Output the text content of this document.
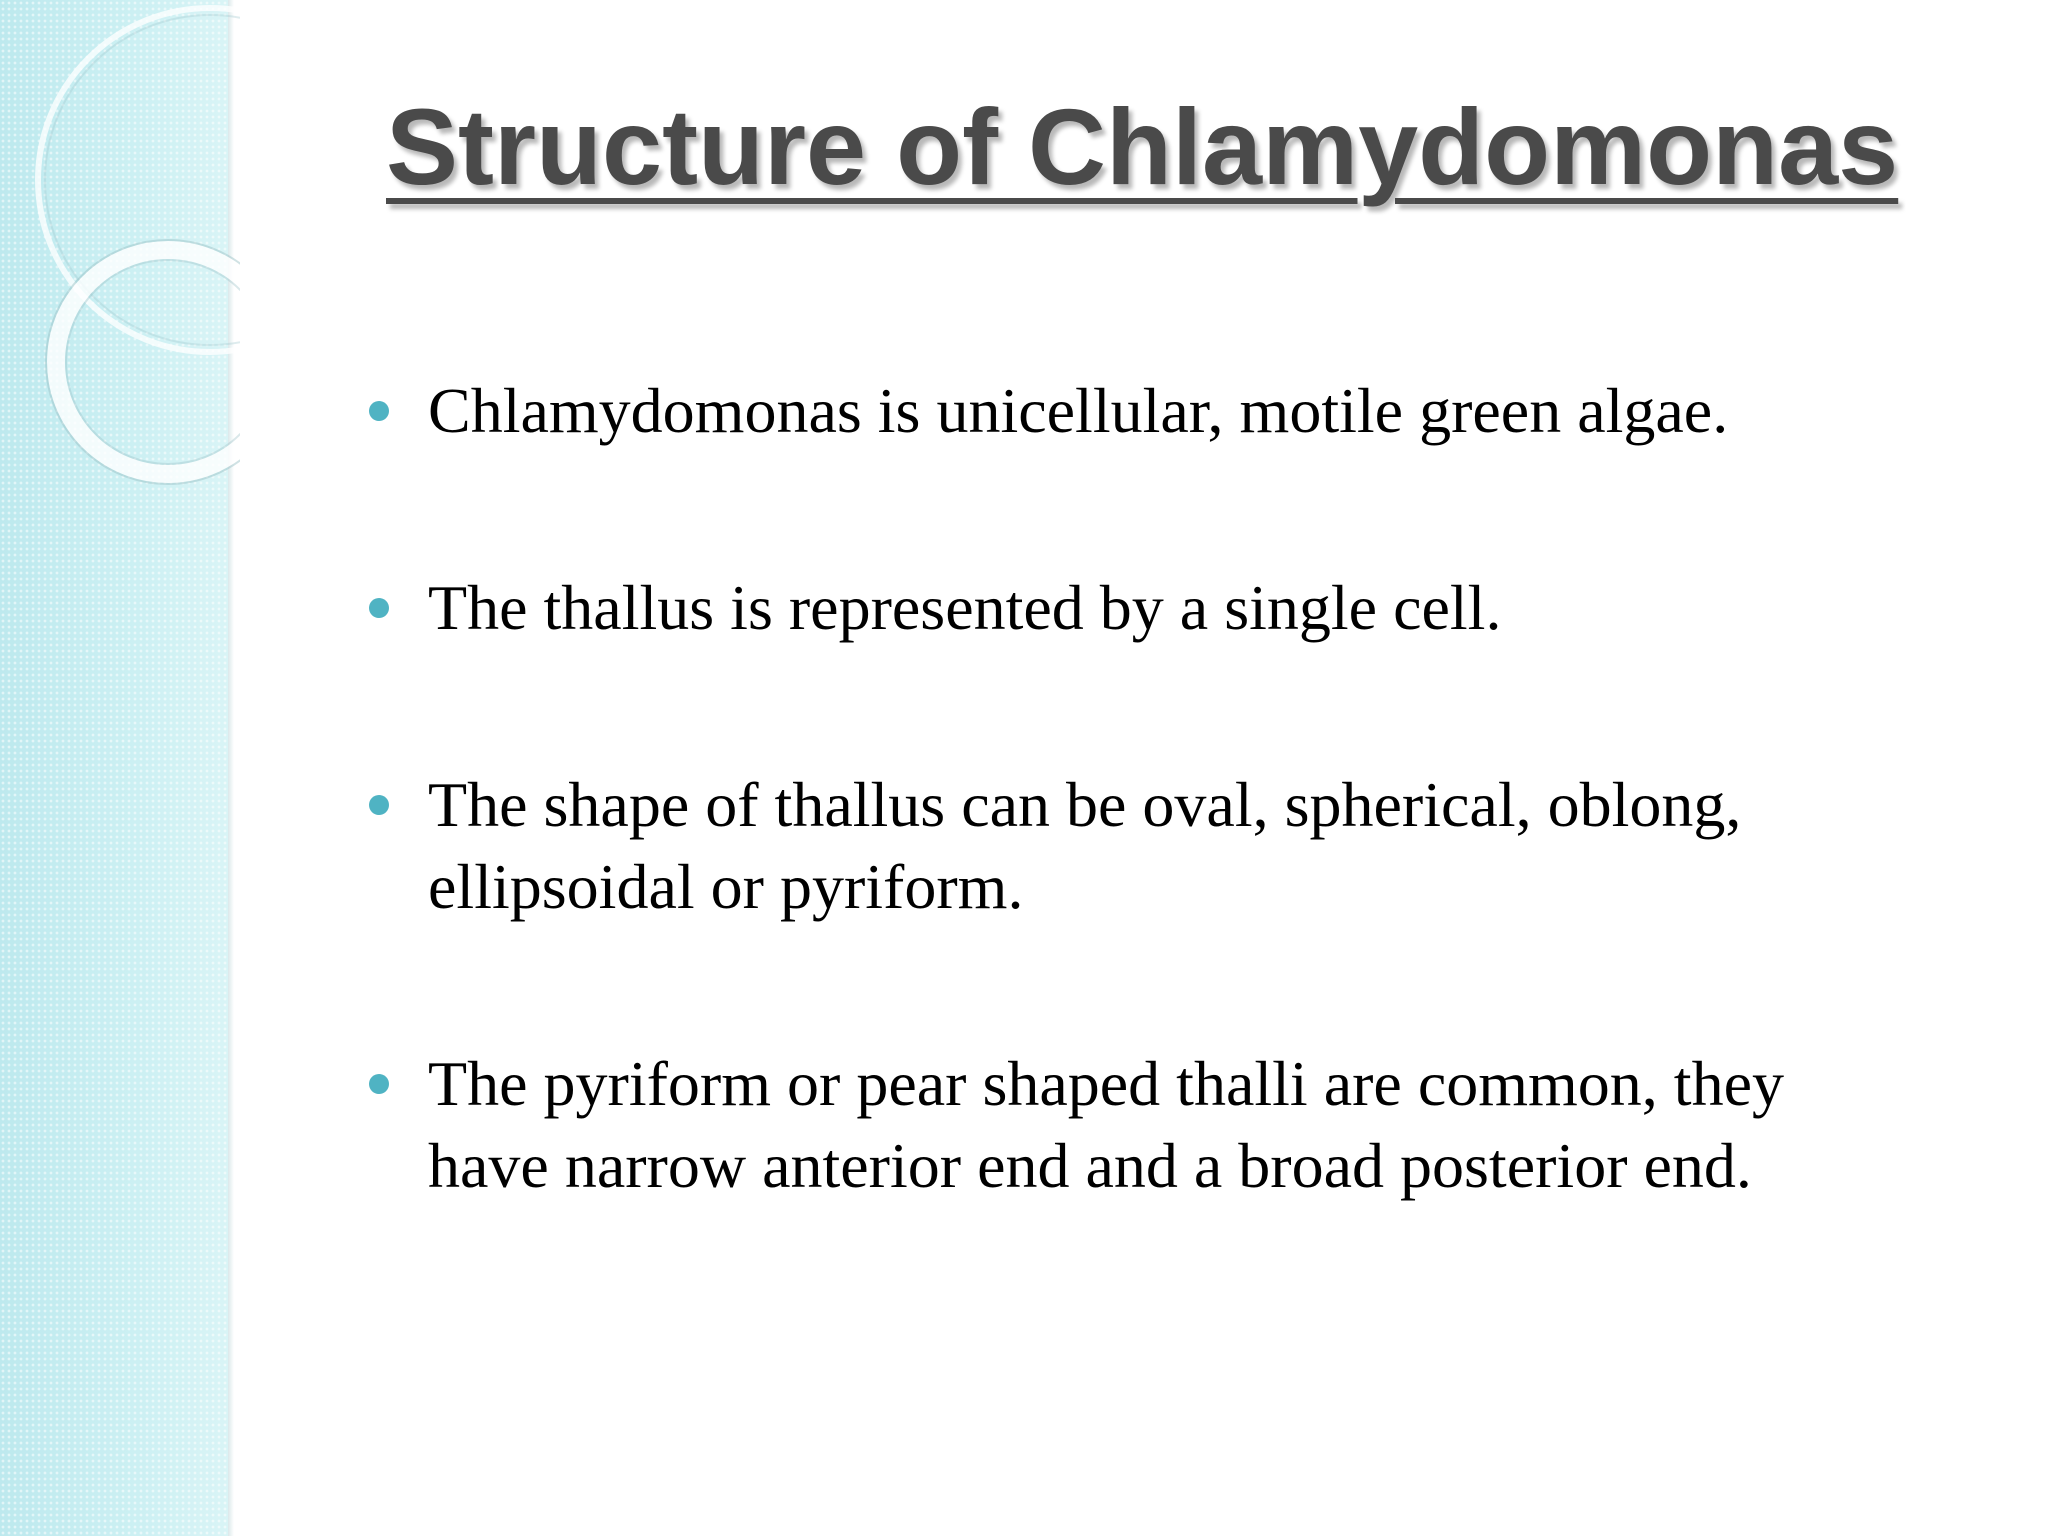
Structure of Chlamydomonas
Chlamydomonas is unicellular, motile green algae.
The thallus is represented by a single cell.
The shape of thallus can be oval, spherical, oblong, ellipsoidal or pyriform.
The pyriform or pear shaped thalli are common, they have narrow anterior end and a broad posterior end.
